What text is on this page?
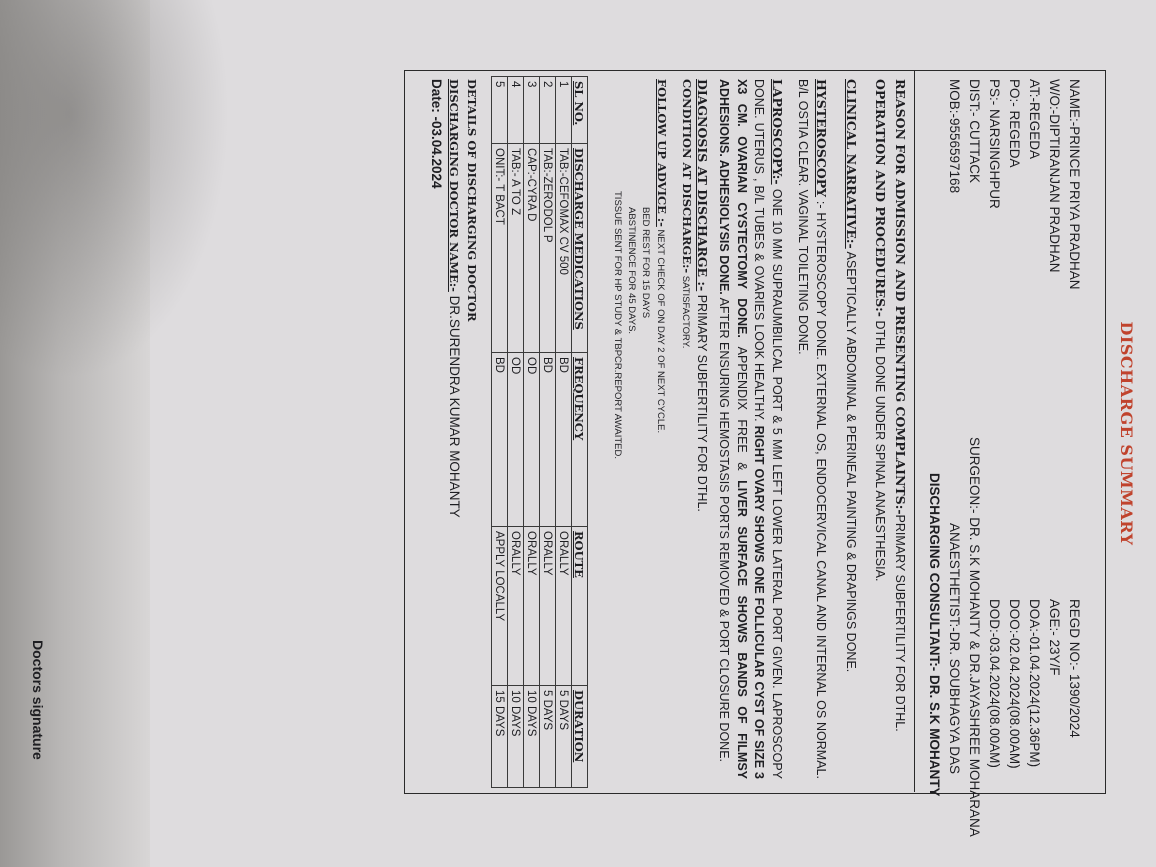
DISCHARGE SUMMARY
NAME:-PRINCE PRIYA PRADHAN
W/O:-DIPTIRANJAN PRADHAN
AT:-REGEDA
PO:- REGEDA
PS:- NARSINGHPUR
DIST:- CUTTACK
MOB:-9556597168
REGD NO:- 1390/2024
AGE:- 23Y/F
DOA:-01.04.2024(12.36PM)
DOO:-02.04.2024(08.00AM)
DOD:-03.04.2024(08.00AM)
SURGEON:- DR. S.K MOHANTY & DR.JAYASHREE MOHARANA
ANAESTHETIST:-DR. SOUBHAGYA DAS
DISCHARGING CONSULTANT:- DR. S.K MOHANTY
REASON FOR ADMISSION AND PRESENTING COMPLAINTS:-PRIMARY SUBFERTILITY FOR DTHL.
OPERATION AND PROCEDURES:- DTHL DONE UNDER SPINAL ANAESTHESIA.
CLINICAL NARRATIVE:- ASEPTICALLY ABDOMINAL & PERINEAL PAINTING & DRAPINGS DONE.
HYSTEROSCOPY :- HYSTEROSCOPY DONE. EXTERNAL OS, ENDOCERVICAL CANAL AND INTERNAL OS NORMAL. B/L OSTIA CLEAR. VAGINAL TOILETING DONE.
LAPROSCOPY:- ONE 10 MM SUPRAUMBILICAL PORT & 5 MM LEFT LOWER LATERAL PORT GIVEN. LAPROSCOPY DONE. UTERUS , B/L TUBES & OVARIES LOOK HEALTHY. RIGHT OVARY SHOWS ONE FOLLICULAR CYST OF SIZE 3 X3 CM. OVARIAN CYSTECTOMY DONE. APPENDIX FREE & LIVER SURFACE SHOWS BANDS OF FILMSY ADHESIONS. ADHESIOLYSIS DONE. AFTER ENSURING HEMOSTASIS PORTS REMOVED & PORT CLOSURE DONE.
DIAGNOSIS AT DISCHARGE :- PRIMARY SUBFERTILITY FOR DTHL.
CONDITION AT DISCHARGE:- SATISFACTORY.
FOLLOW UP ADVICE :- NEXT CHECK OF ON DAY 2 OF NEXT CYCLE.
BED REST FOR 15 DAYS
ABSTINENCE FOR 45 DAYS.
TISSUE SENT FOR HP STUDY & TBPCR.REPORT AWAITED.
SL NO.	DISCHARGE MEDICATIONS	FREQUENCY	ROUTE	DURATION
1	TAB:-CEFOMAX CV 500	BD	ORALLY	5 DAYS
2	TAB:-ZERODOL P	BD	ORALLY	5 DAYS
3	CAP:-CYRA D	OD	ORALLY	10 DAYS
4	TAB:- A TO Z	OD	ORALLY	10 DAYS
5	ONIT:- T BACT	BD	APPLY LOCALLY	15 DAYS
DETAILS OF DISCHARGING DOCTOR
DISCHARGING DOCTOR NAME:- DR.SURENDRA KUMAR MOHANTY
Date: -03.04.2024
Doctors signature
